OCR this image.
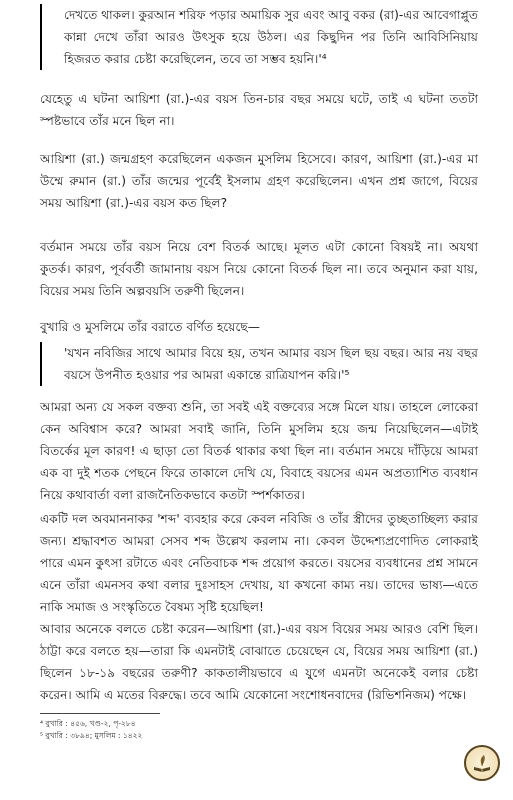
দেখতে থাকল। কুরআন শরিফ পড়ার অমায়িক সুর এবং আবু বকর (রা)-এর আবেগাপ্লুত কান্না দেখে তাঁরা আরও উৎসুক হয়ে উঠল। এর কিছুদিন পর তিনি আবিসিনিয়ায় হিজরত করার চেষ্টা করেছিলেন, তবে তা সম্ভব হয়নি।'⁴

যেহেতু এ ঘটনা আয়িশা (রা.)-এর বয়স তিন-চার বছর সময়ে ঘটে, তাই এ ঘটনা ততটা স্পষ্টভাবে তাঁর মনে ছিল না।

আয়িশা (রা.) জন্মগ্রহণ করেছিলেন একজন মুসলিম হিসেবে। কারণ, আয়িশা (রা.)-এর মা উম্মে রুমান (রা.) তাঁর জন্মের পূর্বেই ইসলাম গ্রহণ করেছিলেন। এখন প্রশ্ন জাগে, বিয়ের সময় আয়িশা (রা.)-এর বয়স কত ছিল?

বর্তমান সময়ে তাঁর বয়স নিয়ে বেশ বিতর্ক আছে। মূলত এটা কোনো বিষয়ই না। অযথা কুতর্ক। কারণ, পূর্ববর্তী জামানায় বয়স নিয়ে কোনো বিতর্ক ছিল না। তবে অনুমান করা যায়, বিয়ের সময় তিনি অল্পবয়সি তরুণী ছিলেন।

বুখারি ও মুসলিমে তাঁর বরাতে বর্ণিত হয়েছে—

'যখন নবিজির সাথে আমার বিয়ে হয়, তখন আমার বয়স ছিল ছয় বছর। আর নয় বছর বয়সে উপনীত হওয়ার পর আমরা একান্তে রাত্রিযাপন করি।'⁵

আমরা অন্য যে সকল বক্তব্য শুনি, তা সবই এই বক্তব্যের সঙ্গে মিলে যায়। তাহলে লোকেরা কেন অবিশ্বাস করে? আমরা সবাই জানি, তিনি মুসলিম হয়ে জন্ম নিয়েছিলেন—এটাই বিতর্কের মূল কারণ! এ ছাড়া তো বিতর্ক থাকার কথা ছিল না। বর্তমান সময়ে দাঁড়িয়ে আমরা এক বা দুই শতক পেছনে ফিরে তাকালে দেখি যে, বিবাহে বয়সের এমন অপ্রত্যাশিত ব্যবধান নিয়ে কথাবার্তা বলা রাজনৈতিকভাবে কতটা স্পর্শকাতর।

একটি দল অবমাননাকর 'শব্দ' ব্যবহার করে কেবল নবিজি ও তাঁর স্ত্রীদের তুচ্ছতাচ্ছিল্য করার জন্য। শ্রদ্ধাবশত আমরা সেসব শব্দ উল্লেখ করলাম না। কেবল উদ্দেশ্যপ্রণোদিত লোকরাই পারে এমন কুৎসা রটাতে এবং নেতিবাচক শব্দ প্রয়োগ করতে। বয়সের ব্যবধানের প্রশ্ন সামনে এনে তাঁরা এমনসব কথা বলার দুঃসাহস দেখায়, যা কখনো কাম্য নয়। তাদের ভাষ্য—এতে নাকি সমাজ ও সংস্কৃতিতে বৈষম্য সৃষ্টি হয়েছিল!

আবার অনেকে বলতে চেষ্টা করেন—আয়িশা (রা.)-এর বয়স বিয়ের সময় আরও বেশি ছিল। ঠাট্টা করে বলতে হয়—তারা কি এমনটাই বোঝাতে চেয়েছেন যে, বিয়ের সময় আয়িশা (রা.) ছিলেন ১৮-১৯ বছরের তরুণী? কাকতালীয়ভাবে এ যুগে এমনটা অনেকেই বলার চেষ্টা করেন। আমি এ মতের বিরুদ্ধে। তবে আমি যেকোনো সংশোধনবাদের (রিভিশনিজম) পক্ষে।

⁴ বুখারি : ৪৫৬, খণ্ড-২, পৃ-২৮৪
⁵ বুখারি : ৩৮৯৪; মুসলিম : ১৪২২
